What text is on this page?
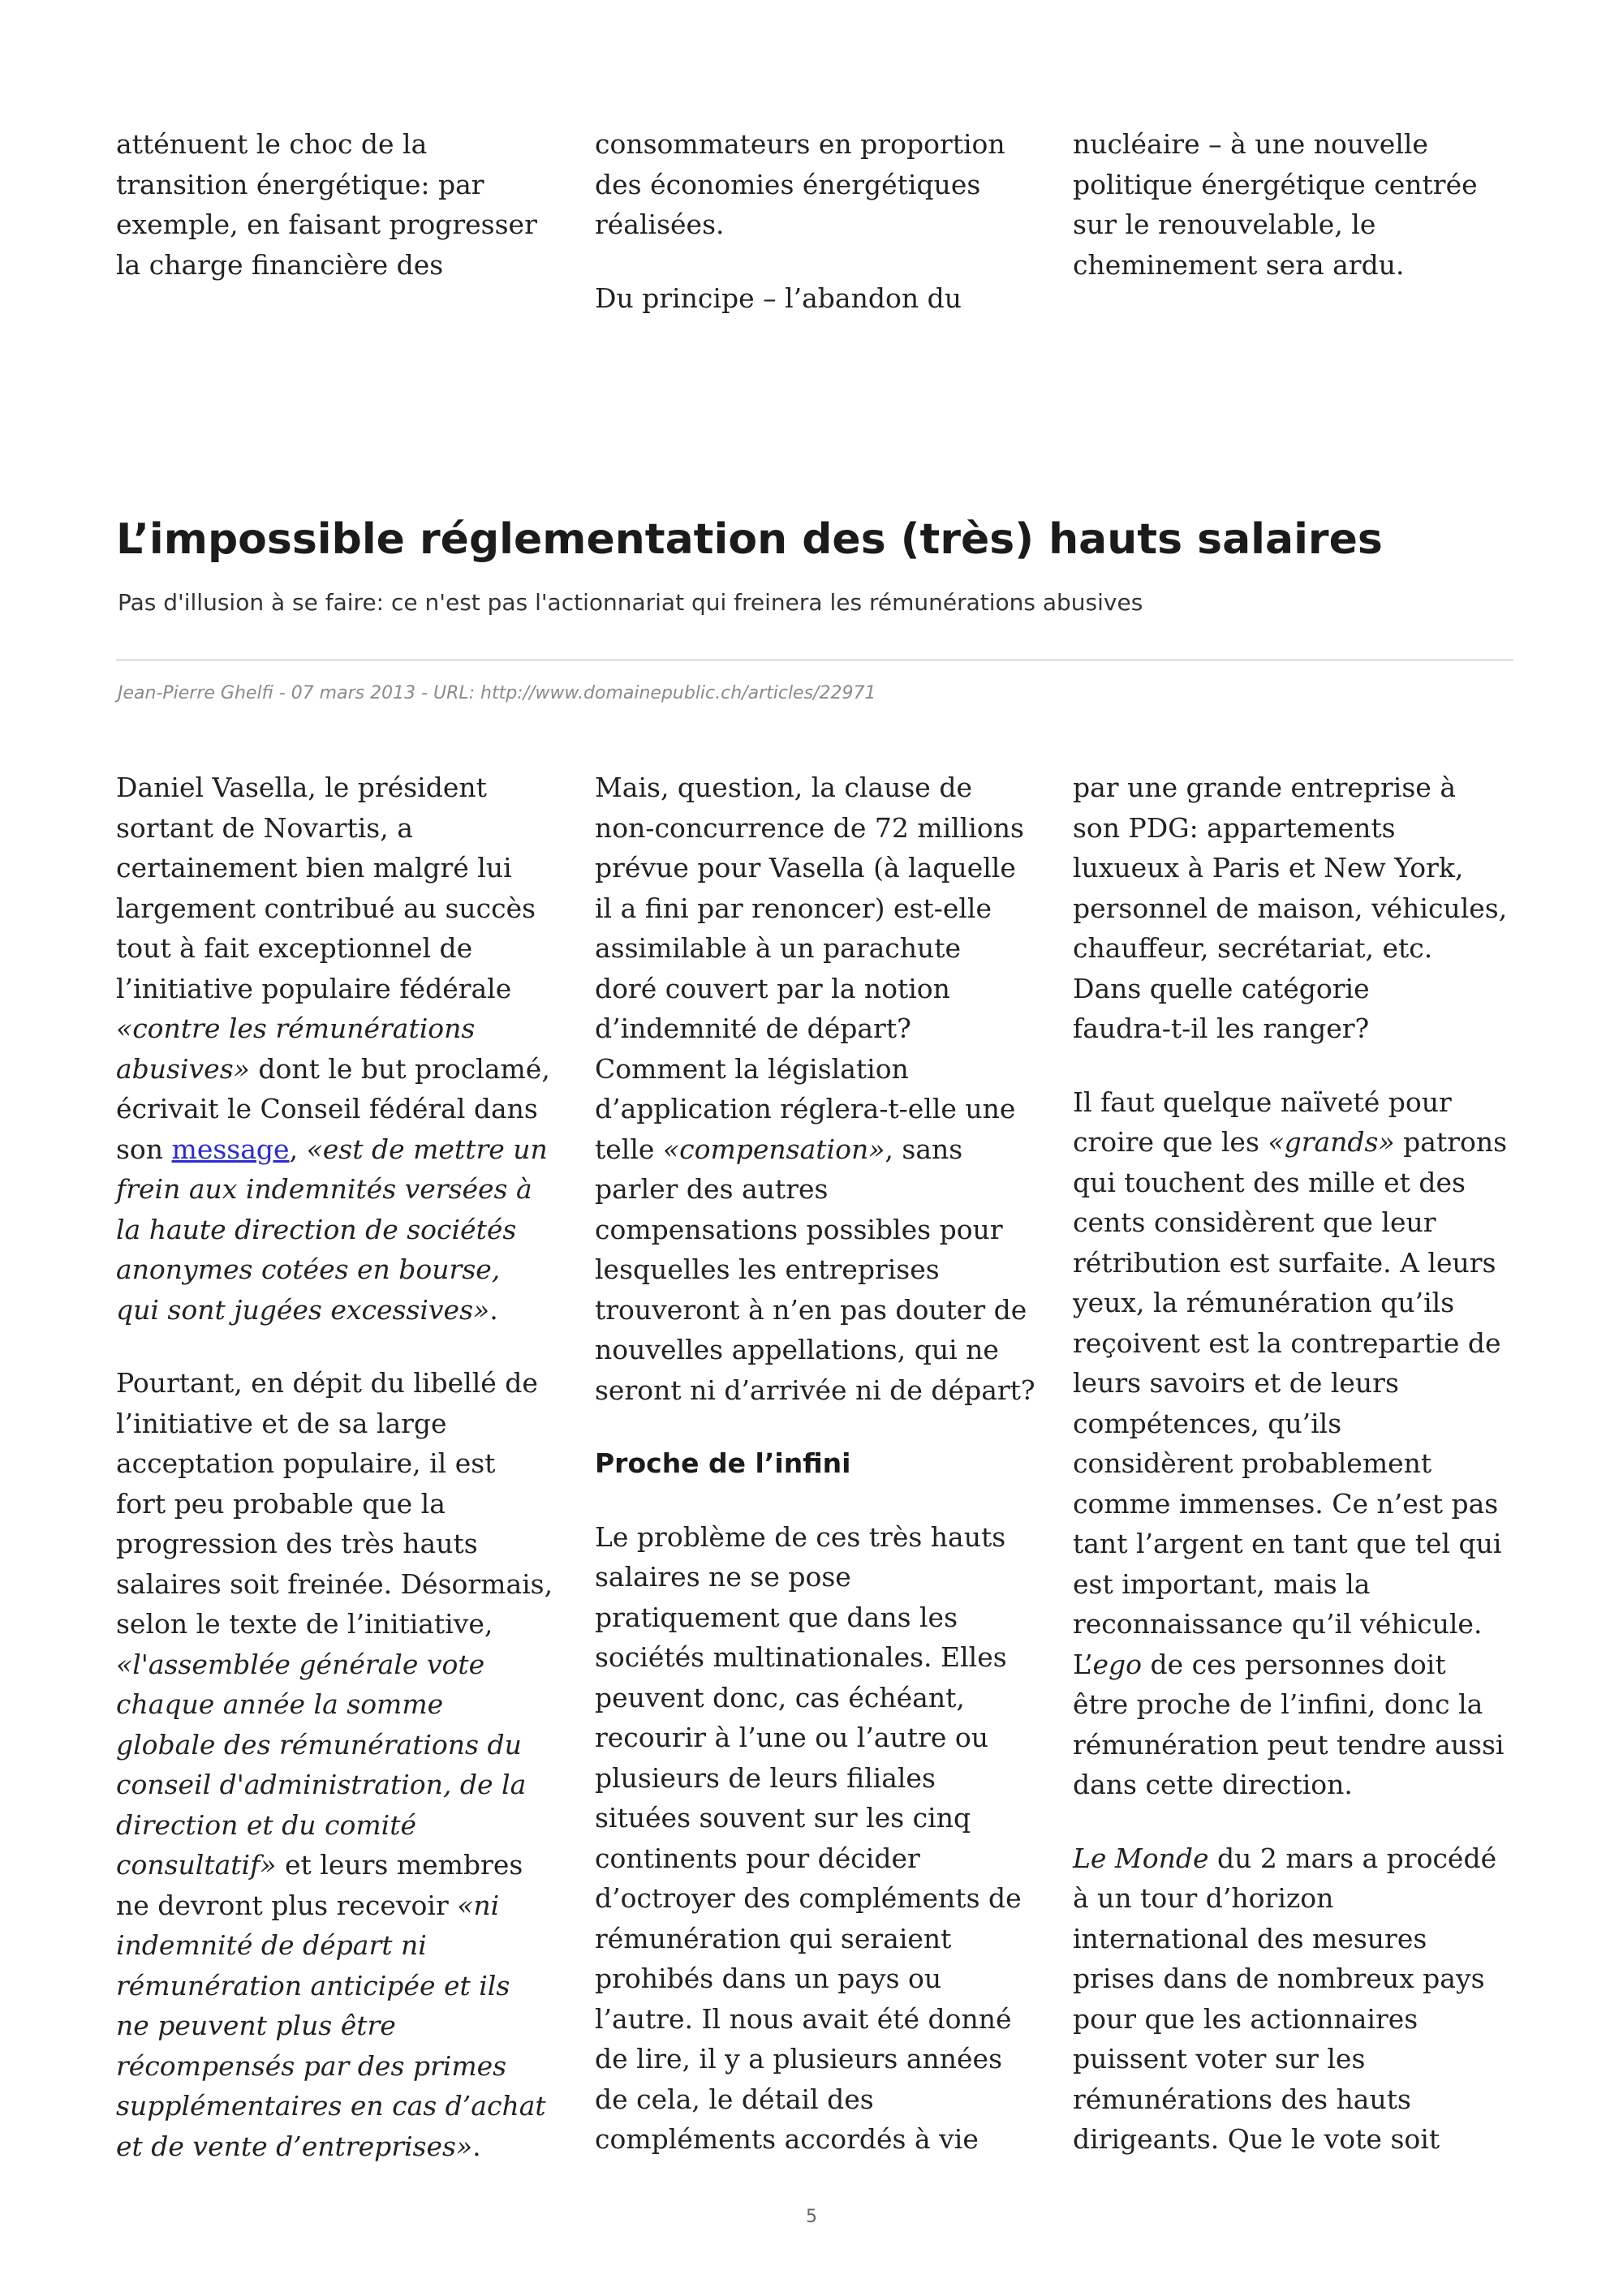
atténuent le choc de la
transition énergétique: par
exemple, en faisant progresser
la charge financière des

consommateurs en proportion
des économies énergétiques
réalisées.

Du principe – l’abandon du

nucléaire – à une nouvelle
politique énergétique centrée
sur le renouvelable, le
cheminement sera ardu.

L’impossible réglementation des (très) hauts salaires

Pas d'illusion à se faire: ce n'est pas l'actionnariat qui freinera les rémunérations abusives

Jean-Pierre Ghelfi - 07 mars 2013 - URL: http://www.domainepublic.ch/articles/22971

Daniel Vasella, le président
sortant de Novartis, a
certainement bien malgré lui
largement contribué au succès
tout à fait exceptionnel de
l’initiative populaire fédérale
«contre les rémunérations
abusives» dont le but proclamé,
écrivait le Conseil fédéral dans
son message, «est de mettre un
frein aux indemnités versées à
la haute direction de sociétés
anonymes cotées en bourse,
qui sont jugées excessives».

Pourtant, en dépit du libellé de
l’initiative et de sa large
acceptation populaire, il est
fort peu probable que la
progression des très hauts
salaires soit freinée. Désormais,
selon le texte de l’initiative,
«l'assemblée générale vote
chaque année la somme
globale des rémunérations du
conseil d'administration, de la
direction et du comité
consultatif» et leurs membres
ne devront plus recevoir «ni
indemnité de départ ni
rémunération anticipée et ils
ne peuvent plus être
récompensés par des primes
supplémentaires en cas d’achat
et de vente d’entreprises».

Mais, question, la clause de
non-concurrence de 72 millions
prévue pour Vasella (à laquelle
il a fini par renoncer) est-elle
assimilable à un parachute
doré couvert par la notion
d’indemnité de départ?
Comment la législation
d’application réglera-t-elle une
telle «compensation», sans
parler des autres
compensations possibles pour
lesquelles les entreprises
trouveront à n’en pas douter de
nouvelles appellations, qui ne
seront ni d’arrivée ni de départ?

Proche de l’infini

Le problème de ces très hauts
salaires ne se pose
pratiquement que dans les
sociétés multinationales. Elles
peuvent donc, cas échéant,
recourir à l’une ou l’autre ou
plusieurs de leurs filiales
situées souvent sur les cinq
continents pour décider
d’octroyer des compléments de
rémunération qui seraient
prohibés dans un pays ou
l’autre. Il nous avait été donné
de lire, il y a plusieurs années
de cela, le détail des
compléments accordés à vie

par une grande entreprise à
son PDG: appartements
luxueux à Paris et New York,
personnel de maison, véhicules,
chauffeur, secrétariat, etc.
Dans quelle catégorie
faudra-t-il les ranger?

Il faut quelque naïveté pour
croire que les «grands» patrons
qui touchent des mille et des
cents considèrent que leur
rétribution est surfaite. A leurs
yeux, la rémunération qu’ils
reçoivent est la contrepartie de
leurs savoirs et de leurs
compétences, qu’ils
considèrent probablement
comme immenses. Ce n’est pas
tant l’argent en tant que tel qui
est important, mais la
reconnaissance qu’il véhicule.
L’ego de ces personnes doit
être proche de l’infini, donc la
rémunération peut tendre aussi
dans cette direction.

Le Monde du 2 mars a procédé
à un tour d’horizon
international des mesures
prises dans de nombreux pays
pour que les actionnaires
puissent voter sur les
rémunérations des hauts
dirigeants. Que le vote soit

5
